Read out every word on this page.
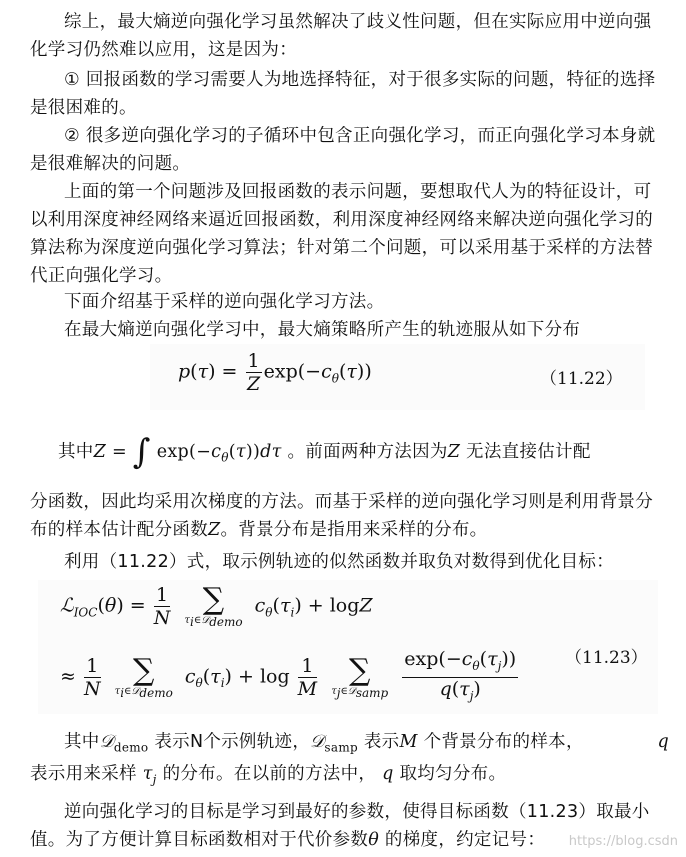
综上，最大熵逆向强化学习虽然解决了歧义性问题，但在实际应用中逆向强化学习仍然难以应用，这是因为：
① 回报函数的学习需要人为地选择特征，对于很多实际的问题，特征的选择是很困难的。
② 很多逆向强化学习的子循环中包含正向强化学习，而正向强化学习本身就是很难解决的问题。
上面的第一个问题涉及回报函数的表示问题，要想取代人为的特征设计，可以利用深度神经网络来逼近回报函数，利用深度神经网络来解决逆向强化学习的算法称为深度逆向强化学习算法；针对第二个问题，可以采用基于采样的方法替代正向强化学习。
下面介绍基于采样的逆向强化学习方法。
在最大熵逆向强化学习中，最大熵策略所产生的轨迹服从如下分布
$p(\tau) = \frac{1}{Z} \exp(-c_\theta(\tau))$	（11.22）
其中Z = ∫ $\exp(-c_\theta(\tau))d\tau$ 。前面两种方法因为Z 无法直接估计配
分函数，因此均采用次梯度的方法。而基于采样的逆向强化学习则是利用背景分布的样本估计配分函数Z。背景分布是指用来采样的分布。
利用（11.22）式，取示例轨迹的似然函数并取负对数得到优化目标：
ℒ$_{IOC}$(θ) = $\frac{1}{N}$
	∑
$\tau_i\in 𝒟_{demo}$
$c_\theta(\tau_i) + \log Z$
≈ $\frac{1}{N}$
	∑
$\tau_i\in 𝒟_{demo}$
$c_\theta(\tau_i) + \log \frac{1}{M}$
	∑
$\tau_j\in 𝒟_{samp}$
$\frac{\exp(-c_\theta(\tau_j))}{q(\tau_j)}$	（11.23）
其中𝒟$_{demo}$ 表示N个示例轨迹，𝒟$_{samp}$ 表示M 个背景分布的样本，	q
表示用来采样 $\tau_j$ 的分布。在以前的方法中， q 取均匀分布。
逆向强化学习的目标是学习到最好的参数，使得目标函数（11.23）取最小值。为了方便计算目标函数相对于代价参数θ 的梯度，约定记号：	https://blog.csdn
